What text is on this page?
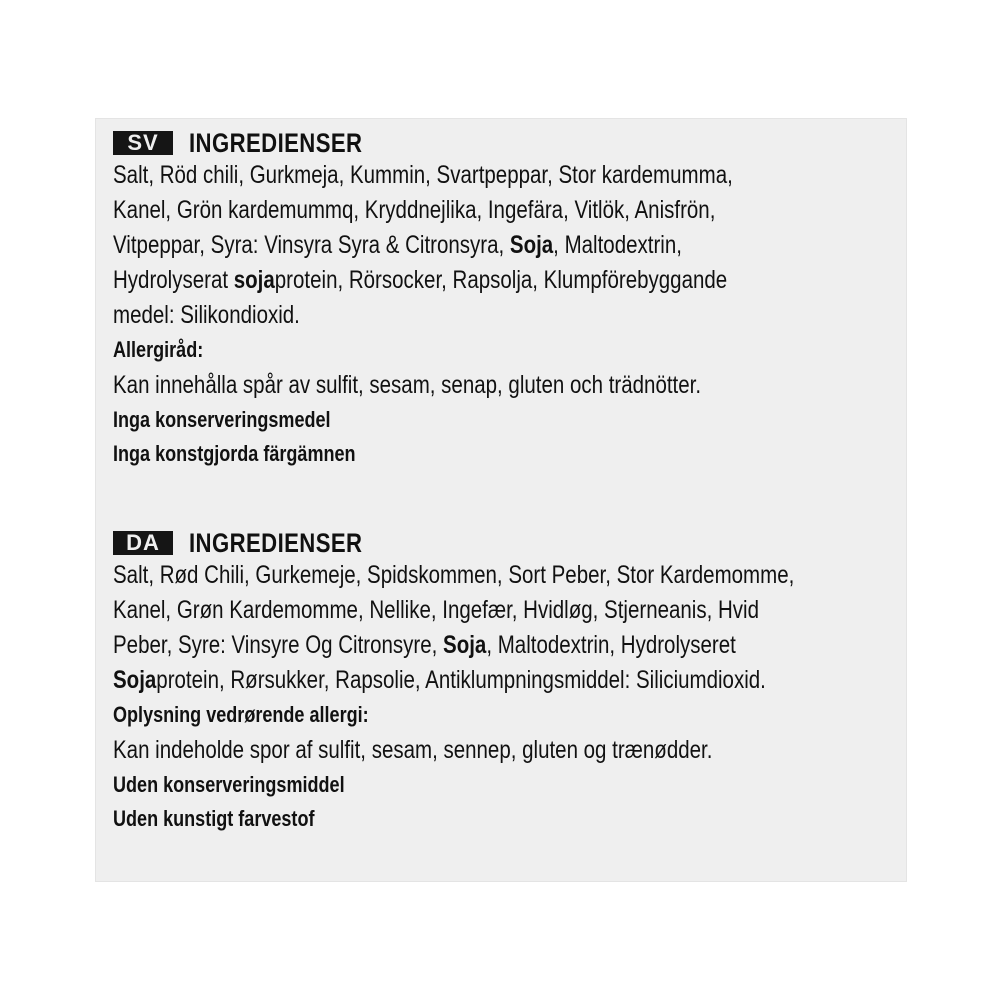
SV	INGREDIENSER
Salt, Röd chili, Gurkmeja, Kummin, Svartpeppar, Stor kardemumma,
Kanel, Grön kardemummq, Kryddnejlika, Ingefära, Vitlök, Anisfrön,
Vitpeppar, Syra: Vinsyra Syra & Citronsyra, Soja, Maltodextrin,
Hydrolyserat sojaprotein, Rörsocker, Rapsolja, Klumpförebyggande
medel: Silikondioxid.
Allergiråd:
Kan innehålla spår av sulfit, sesam, senap, gluten och trädnötter.
Inga konserveringsmedel
Inga konstgjorda färgämnen
DA	INGREDIENSER
Salt, Rød Chili, Gurkemeje, Spidskommen, Sort Peber, Stor Kardemomme,
Kanel, Grøn Kardemomme, Nellike, Ingefær, Hvidløg, Stjerneanis, Hvid
Peber, Syre: Vinsyre Og Citronsyre, Soja, Maltodextrin, Hydrolyseret
Sojaprotein, Rørsukker, Rapsolie, Antiklumpningsmiddel: Siliciumdioxid.
Oplysning vedrørende allergi:
Kan indeholde spor af sulfit, sesam, sennep, gluten og trænødder.
Uden konserveringsmiddel
Uden kunstigt farvestof
